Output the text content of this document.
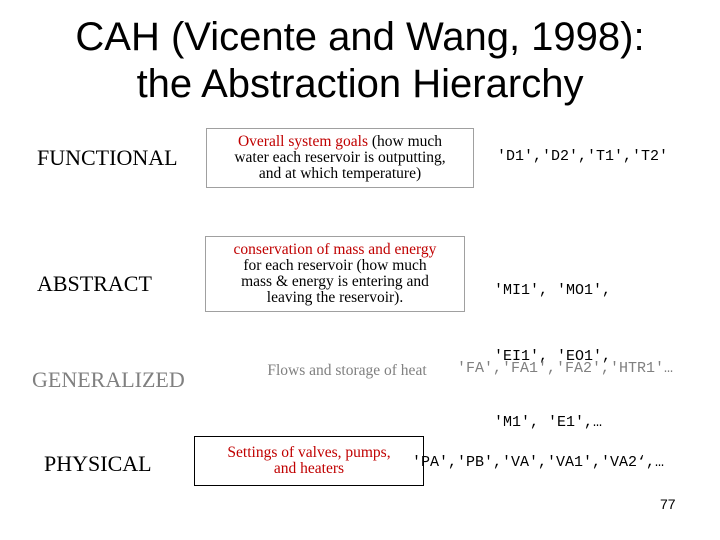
CAH (Vicente and Wang, 1998):
the Abstraction Hierarchy
FUNCTIONAL
Overall system goals (how much
water each reservoir is outputting,
and at which temperature)
'D1','D2','T1','T2'
ABSTRACT
conservation of mass and energy
for each reservoir (how much
mass & energy is entering and
leaving the reservoir).

	'MI1', 'MO1',

'EI1', 'EO1',

'M1', 'E1',…

GENERALIZED	Flows and storage of heat 'FA','FA1','FA2','HTR1'…
PHYSICAL	Settings of valves, pumps,
and heaters	'PA','PB','VA','VA1','VA2‘,…
77
